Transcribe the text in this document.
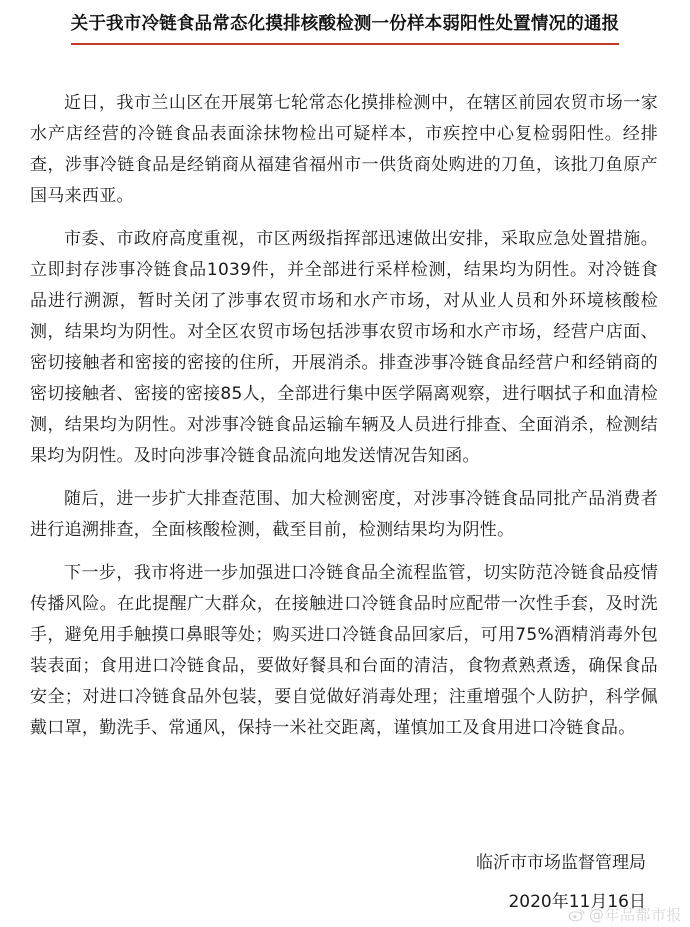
关于我市冷链食品常态化摸排核酸检测一份样本弱阳性处置情况的通报

近日，我市兰山区在开展第七轮常态化摸排检测中，在辖区前园农贸市场一家水产店经营的冷链食品表面涂抹物检出可疑样本，市疾控中心复检弱阳性。经排查，涉事冷链食品是经销商从福建省福州市一供货商处购进的刀鱼，该批刀鱼原产国马来西亚。

市委、市政府高度重视，市区两级指挥部迅速做出安排，采取应急处置措施。立即封存涉事冷链食品1039件，并全部进行采样检测，结果均为阴性。对冷链食品进行溯源，暂时关闭了涉事农贸市场和水产市场，对从业人员和外环境核酸检测，结果均为阴性。对全区农贸市场包括涉事农贸市场和水产市场，经营户店面、密切接触者和密接的密接的住所，开展消杀。排查涉事冷链食品经营户和经销商的密切接触者、密接的密接85人，全部进行集中医学隔离观察，进行咽拭子和血清检测，结果均为阴性。对涉事冷链食品运输车辆及人员进行排查、全面消杀，检测结果均为阴性。及时向涉事冷链食品流向地发送情况告知函。

随后，进一步扩大排查范围、加大检测密度，对涉事冷链食品同批产品消费者进行追溯排查，全面核酸检测，截至目前，检测结果均为阴性。

下一步，我市将进一步加强进口冷链食品全流程监管，切实防范冷链食品疫情传播风险。在此提醒广大群众，在接触进口冷链食品时应配带一次性手套，及时洗手，避免用手触摸口鼻眼等处；购买进口冷链食品回家后，可用75%酒精消毒外包装表面；食用进口冷链食品，要做好餐具和台面的清洁，食物煮熟煮透，确保食品安全；对进口冷链食品外包装，要自觉做好消毒处理；注重增强个人防护，科学佩戴口罩，勤洗手、常通风，保持一米社交距离，谨慎加工及食用进口冷链食品。

临沂市市场监督管理局
2020年11月16日
@年品都市报
